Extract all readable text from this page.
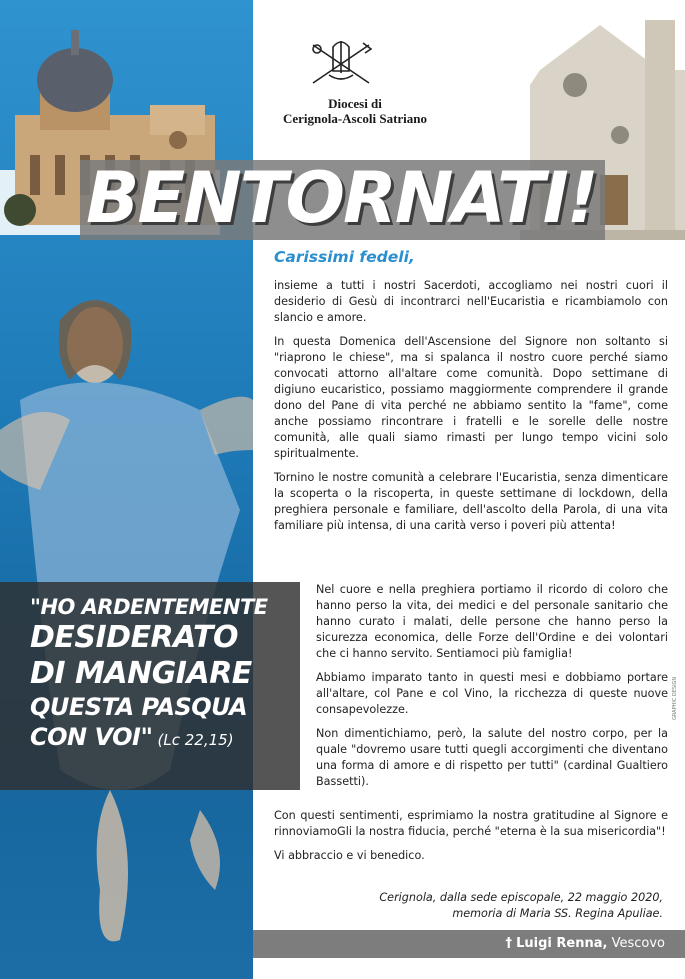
Diocesi di
Cerignola-Ascoli Satriano
BENTORNATI!
Carissimi fedeli,

insieme a tutti i nostri Sacerdoti, accogliamo nei nostri cuori il desiderio di Gesù di incontrarci nell'Eucaristia e ricambiamolo con slancio e amore.

In questa Domenica dell'Ascensione del Signore non soltanto si "riaprono le chiese", ma si spalanca il nostro cuore perché siamo convocati attorno all'altare come comunità. Dopo settimane di digiuno eucaristico, possiamo maggiormente comprendere il grande dono del Pane di vita perché ne abbiamo sentito la "fame", come anche possiamo rincontrare i fratelli e le sorelle delle nostre comunità, alle quali siamo rimasti per lungo tempo vicini solo spiritualmente.

Tornino le nostre comunità a celebrare l'Eucaristia, senza dimenticare la scoperta o la riscoperta, in queste settimane di lockdown, della preghiera personale e familiare, dell'ascolto della Parola, di una vita familiare più intensa, di una carità verso i poveri più attenta!

"HO ARDENTEMENTE
DESIDERATO
DI MANGIARE
QUESTA PASQUA
CON VOI" (Lc 22,15)

Nel cuore e nella preghiera portiamo il ricordo di coloro che hanno perso la vita, dei medici e del personale sanitario che hanno curato i malati, delle persone che hanno perso la sicurezza economica, delle Forze dell'Ordine e dei volontari che ci hanno servito. Sentiamoci più famiglia!

Abbiamo imparato tanto in questi mesi e dobbiamo portare all'altare, col Pane e col Vino, la ricchezza di queste nuove consapevolezze.

Non dimentichiamo, però, la salute del nostro corpo, per la quale "dovremo usare tutti quegli accorgimenti che diventano una forma di amore e di rispetto per tutti" (cardinal Gualtiero Bassetti).

Con questi sentimenti, esprimiamo la nostra gratitudine al Signore e rinnoviamoGli la nostra fiducia, perché "eterna è la sua misericordia"!

Vi abbraccio e vi benedico.

Cerignola, dalla sede episcopale, 22 maggio 2020,
memoria di Maria SS. Regina Apuliae.
† Luigi Renna, Vescovo
GRAPHIC DESIGN
